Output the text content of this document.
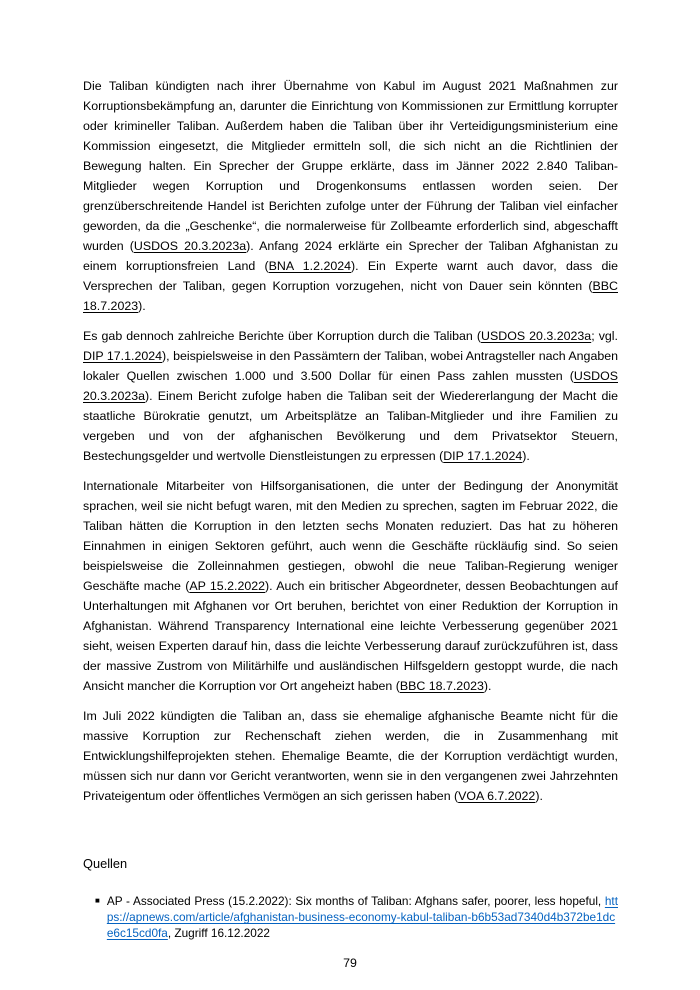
Die Taliban kündigten nach ihrer Übernahme von Kabul im August 2021 Maßnahmen zur Korruptionsbekämpfung an, darunter die Einrichtung von Kommissionen zur Ermittlung korrupter oder krimineller Taliban. Außerdem haben die Taliban über ihr Verteidigungsministerium eine Kommission eingesetzt, die Mitglieder ermitteln soll, die sich nicht an die Richtlinien der Bewegung halten. Ein Sprecher der Gruppe erklärte, dass im Jänner 2022 2.840 Taliban-Mitglieder wegen Korruption und Drogenkonsums entlassen worden seien. Der grenzüberschreitende Handel ist Berichten zufolge unter der Führung der Taliban viel einfacher geworden, da die „Geschenke“, die normalerweise für Zollbeamte erforderlich sind, abgeschafft wurden (USDOS 20.3.2023a). Anfang 2024 erklärte ein Sprecher der Taliban Afghanistan zu einem korruptionsfreien Land (BNA 1.2.2024). Ein Experte warnt auch davor, dass die Versprechen der Taliban, gegen Korruption vorzugehen, nicht von Dauer sein könnten (BBC 18.7.2023).

Es gab dennoch zahlreiche Berichte über Korruption durch die Taliban (USDOS 20.3.2023a; vgl. DIP 17.1.2024), beispielsweise in den Passämtern der Taliban, wobei Antragsteller nach Angaben lokaler Quellen zwischen 1.000 und 3.500 Dollar für einen Pass zahlen mussten (USDOS 20.3.2023a). Einem Bericht zufolge haben die Taliban seit der Wiedererlangung der Macht die staatliche Bürokratie genutzt, um Arbeitsplätze an Taliban-Mitglieder und ihre Familien zu vergeben und von der afghanischen Bevölkerung und dem Privatsektor Steuern, Bestechungsgelder und wertvolle Dienstleistungen zu erpressen (DIP 17.1.2024).

Internationale Mitarbeiter von Hilfsorganisationen, die unter der Bedingung der Anonymität sprachen, weil sie nicht befugt waren, mit den Medien zu sprechen, sagten im Februar 2022, die Taliban hätten die Korruption in den letzten sechs Monaten reduziert. Das hat zu höheren Einnahmen in einigen Sektoren geführt, auch wenn die Geschäfte rückläufig sind. So seien beispielsweise die Zolleinnahmen gestiegen, obwohl die neue Taliban-Regierung weniger Geschäfte mache (AP 15.2.2022). Auch ein britischer Abgeordneter, dessen Beobachtungen auf Unterhaltungen mit Afghanen vor Ort beruhen, berichtet von einer Reduktion der Korruption in Afghanistan. Während Transparency International eine leichte Verbesserung gegenüber 2021 sieht, weisen Experten darauf hin, dass die leichte Verbesserung darauf zurückzuführen ist, dass der massive Zustrom von Militärhilfe und ausländischen Hilfsgeldern gestoppt wurde, die nach Ansicht mancher die Korruption vor Ort angeheizt haben (BBC 18.7.2023).

Im Juli 2022 kündigten die Taliban an, dass sie ehemalige afghanische Beamte nicht für die massive Korruption zur Rechenschaft ziehen werden, die in Zusammenhang mit Entwicklungshilfeprojekten stehen. Ehemalige Beamte, die der Korruption verdächtigt wurden, müssen sich nur dann vor Gericht verantworten, wenn sie in den vergangenen zwei Jahrzehnten Privateigentum oder öffentliches Vermögen an sich gerissen haben (VOA 6.7.2022).

Quellen
■ AP - Associated Press (15.2.2022): Six months of Taliban: Afghans safer, poorer, less hopeful, https://apnews.com/article/afghanistan-business-economy-kabul-taliban-b6b53ad7340d4b372be1dce6c15cd0fa, Zugriff 16.12.2022
79
